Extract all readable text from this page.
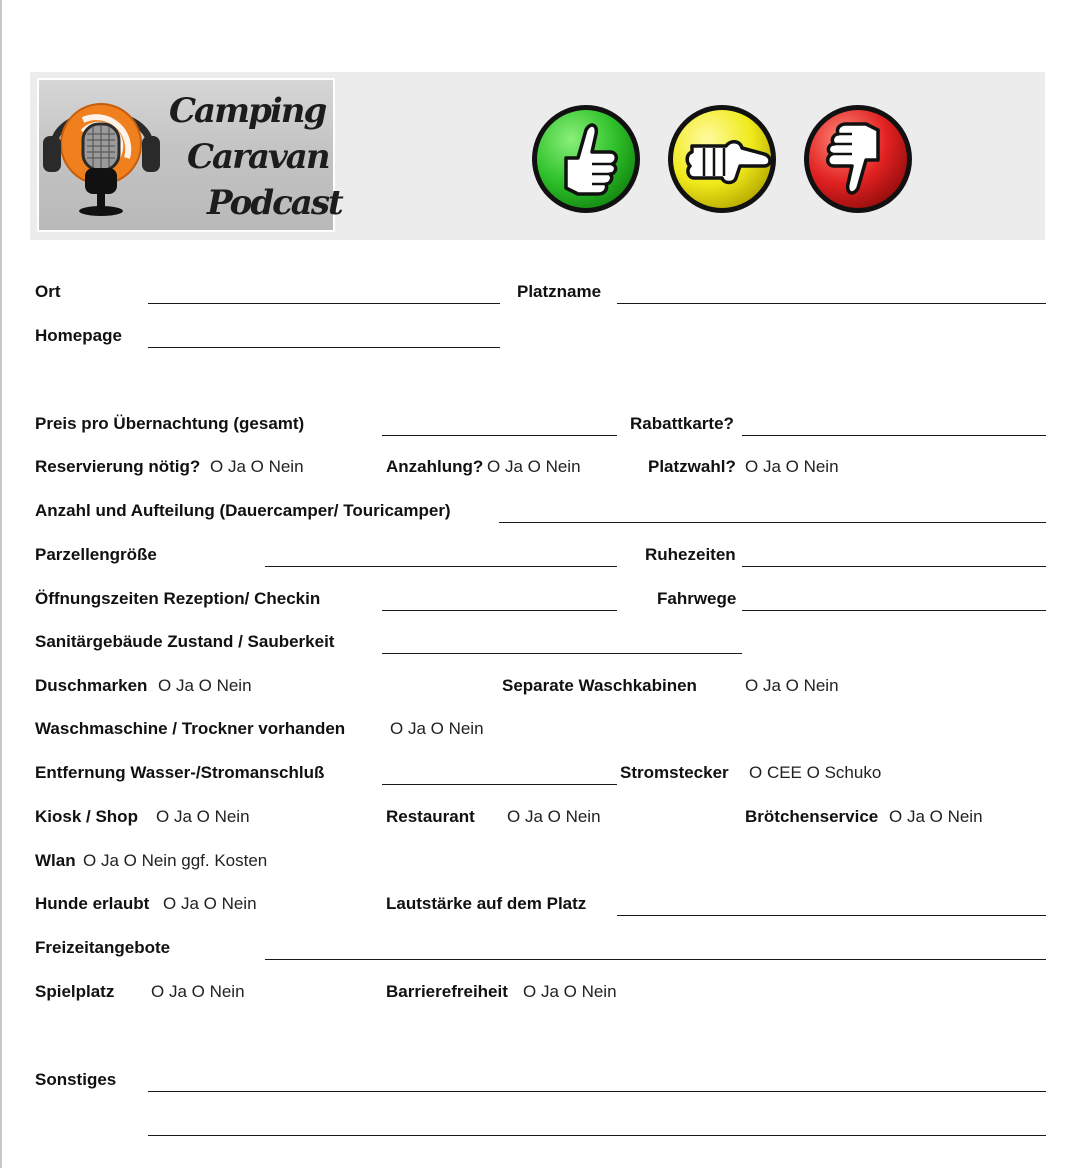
Camping
Caravan
Podcast
Ort	Platzname
Homepage
Preis pro Übernachtung (gesamt)	Rabattkarte?
Reservierung nötig? O Ja O Nein	Anzahlung? O Ja O Nein	Platzwahl? O Ja O Nein
Anzahl und Aufteilung (Dauercamper/ Touricamper)
Parzellengröße	Ruhezeiten
Öffnungszeiten Rezeption/ Checkin	Fahrwege
Sanitärgebäude Zustand / Sauberkeit
Duschmarken O Ja O Nein	Separate Waschkabinen	O Ja O Nein
Waschmaschine / Trockner vorhanden	O Ja O Nein
Entfernung Wasser-/Stromanschluß	Stromstecker O CEE O Schuko
Kiosk / Shop O Ja O Nein	Restaurant O Ja O Nein	Brötchenservice O Ja O Nein
Wlan O Ja O Nein ggf. Kosten
Hunde erlaubt O Ja O Nein	Lautstärke auf dem Platz
Freizeitangebote
Spielplatz O Ja O Nein	Barrierefreiheit O Ja O Nein
Sonstiges
